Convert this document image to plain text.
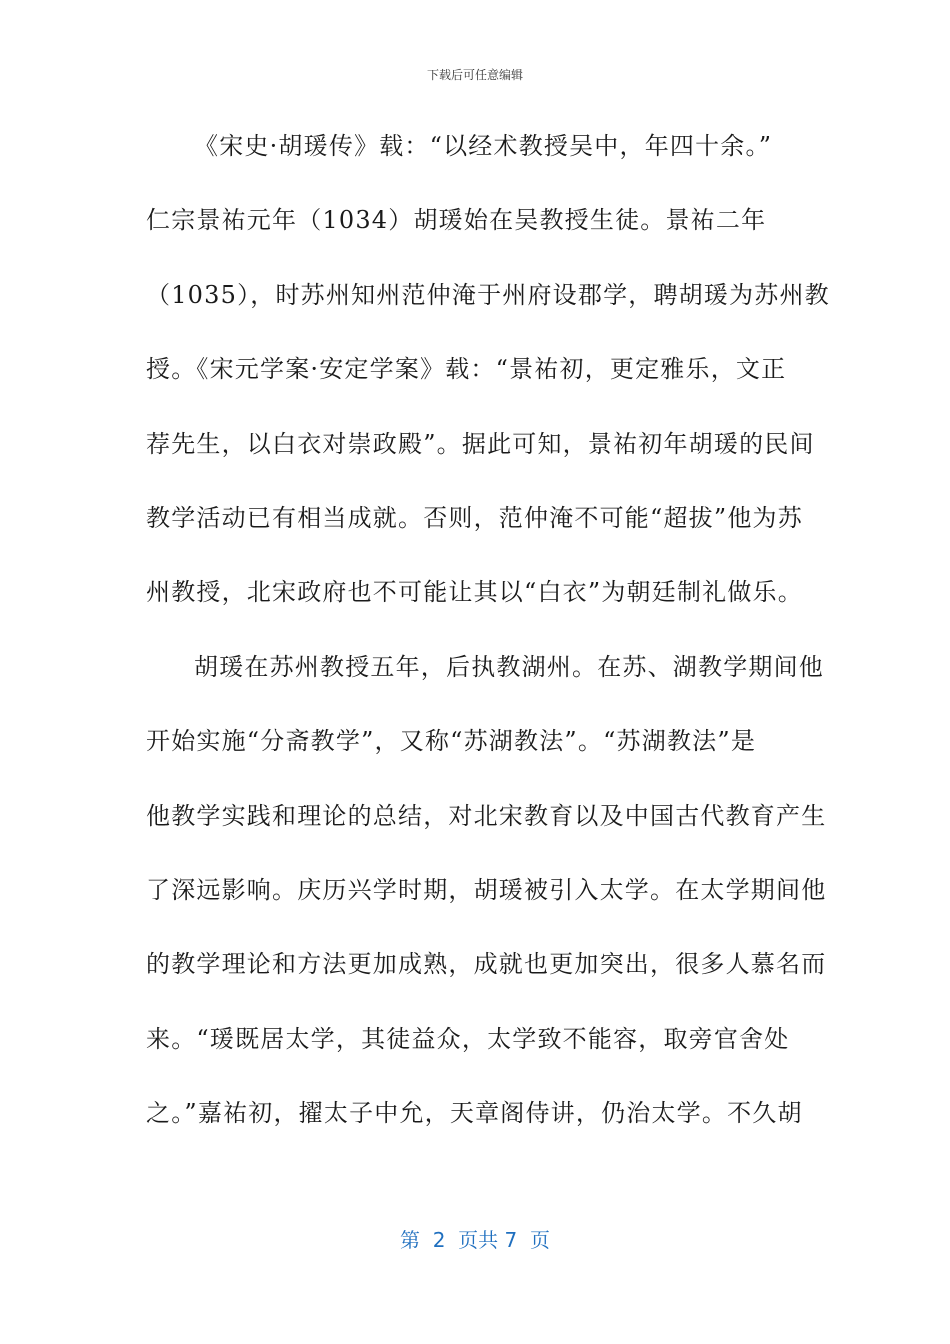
下载后可任意编辑
《宋史·胡瑗传》载：“以经术教授吴中，年四十余。”
仁宗景祐元年（1034）胡瑗始在吴教授生徒。景祐二年
（1035），时苏州知州范仲淹于州府设郡学，聘胡瑗为苏州教
授。《宋元学案·安定学案》载：“景祐初，更定雅乐，文正
荐先生，以白衣对崇政殿”。据此可知，景祐初年胡瑗的民间
教学活动已有相当成就。否则，范仲淹不可能“超拔”他为苏
州教授，北宋政府也不可能让其以“白衣”为朝廷制礼做乐。
胡瑗在苏州教授五年，后执教湖州。在苏、湖教学期间他
开始实施“分斋教学”，又称“苏湖教法”。“苏湖教法”是
他教学实践和理论的总结，对北宋教育以及中国古代教育产生
了深远影响。庆历兴学时期，胡瑗被引入太学。在太学期间他
的教学理论和方法更加成熟，成就也更加突出，很多人慕名而
来。“瑗既居太学，其徒益众，太学致不能容，取旁官舍处
之。”嘉祐初，擢太子中允，天章阁侍讲，仍治太学。不久胡
第  2  页共 7  页
